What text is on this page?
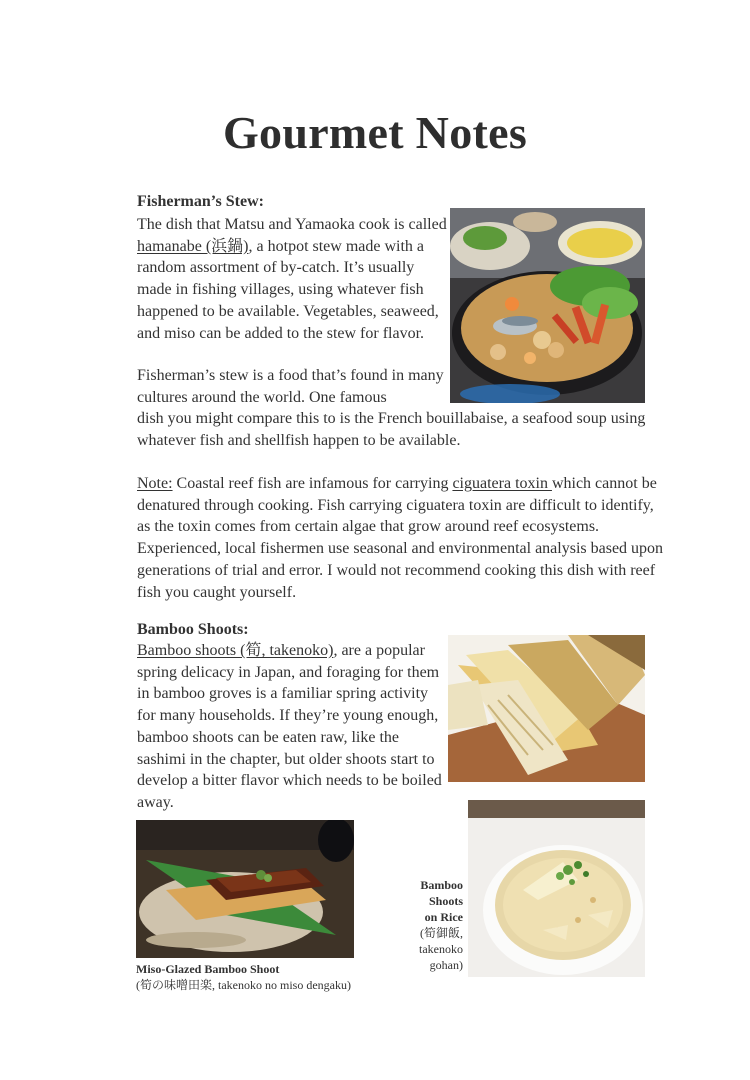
Gourmet Notes
Fisherman’s Stew:

The dish that Matsu and Yamaoka cook is called hamanabe (浜鍋), a hotpot stew made with a random assortment of by-catch. It’s usually made in fishing villages, using whatever fish happened to be available. Vegetables, seaweed, and miso can be added to the stew for flavor.

Fisherman’s stew is a food that’s found in many cultures around the world. One famous

dish you might compare this to is the French bouillabaise, a seafood soup using whatever fish and shellfish happen to be available.

Note: Coastal reef fish are infamous for carrying ciguatera toxin which cannot be denatured through cooking. Fish carrying ciguatera toxin are difficult to identify, as the toxin comes from certain algae that grow around reef ecosystems. Experienced, local fishermen use seasonal and environmental analysis based upon generations of trial and error. I would not recommend cooking this dish with reef fish you caught yourself.

Bamboo Shoots:

Bamboo shoots (筍, takenoko), are a popular spring delicacy in Japan, and foraging for them in bamboo groves is a familiar spring activity for many households. If they’re young enough, bamboo shoots can be eaten raw, like the sashimi in the chapter, but older shoots start to develop a bitter flavor which needs to be boiled away.

Miso-Glazed Bamboo Shoot
(筍の味噌田楽, takenoko no miso dengaku)
Bamboo
Shoots
on Rice
(筍御飯,
takenoko
gohan)
